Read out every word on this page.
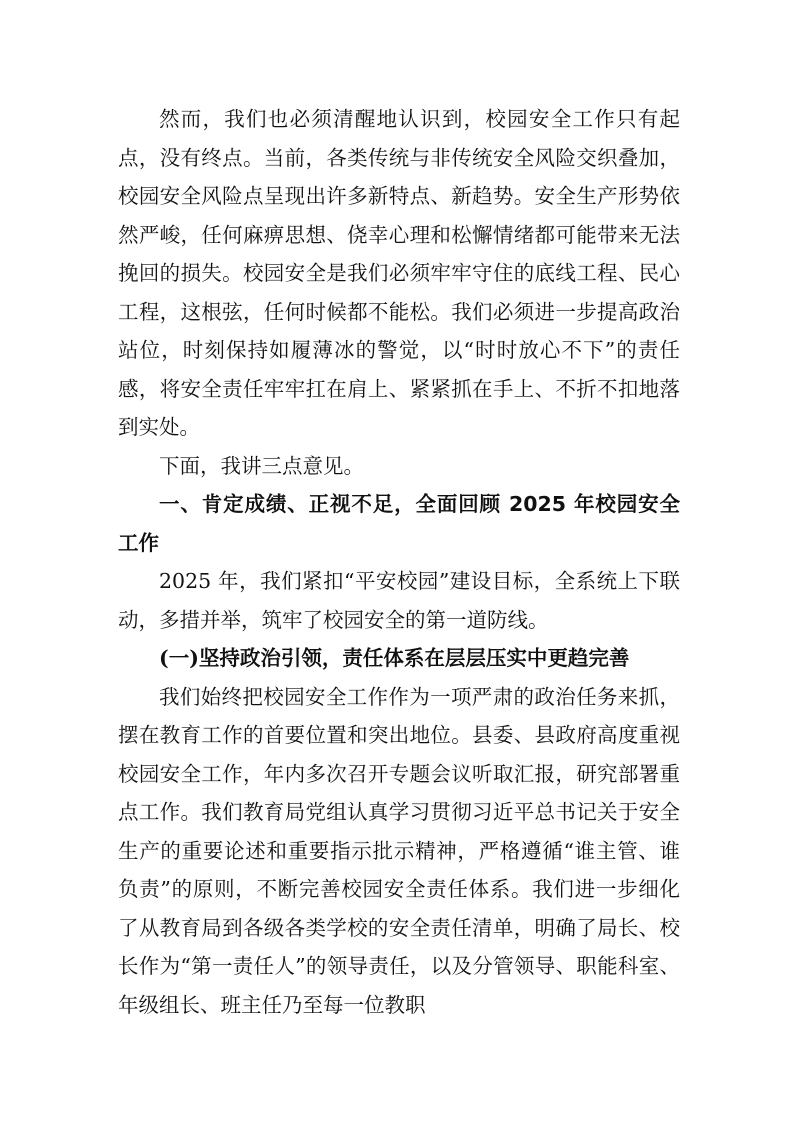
然而，我们也必须清醒地认识到，校园安全工作只有起点，没有终点。当前，各类传统与非传统安全风险交织叠加，校园安全风险点呈现出许多新特点、新趋势。安全生产形势依然严峻，任何麻痹思想、侥幸心理和松懈情绪都可能带来无法挽回的损失。校园安全是我们必须牢牢守住的底线工程、民心工程，这根弦，任何时候都不能松。我们必须进一步提高政治站位，时刻保持如履薄冰的警觉，以“时时放心不下”的责任感，将安全责任牢牢扛在肩上、紧紧抓在手上、不折不扣地落到实处。

下面，我讲三点意见。

一、肯定成绩、正视不足，全面回顾 2025 年校园安全工作

2025 年，我们紧扣“平安校园”建设目标，全系统上下联动，多措并举，筑牢了校园安全的第一道防线。

(一)坚持政治引领，责任体系在层层压实中更趋完善

我们始终把校园安全工作作为一项严肃的政治任务来抓，摆在教育工作的首要位置和突出地位。县委、县政府高度重视校园安全工作，年内多次召开专题会议听取汇报，研究部署重点工作。我们教育局党组认真学习贯彻习近平总书记关于安全生产的重要论述和重要指示批示精神，严格遵循“谁主管、谁负责”的原则，不断完善校园安全责任体系。我们进一步细化了从教育局到各级各类学校的安全责任清单，明确了局长、校长作为“第一责任人”的领导责任，以及分管领导、职能科室、年级组长、班主任乃至每一位教职
